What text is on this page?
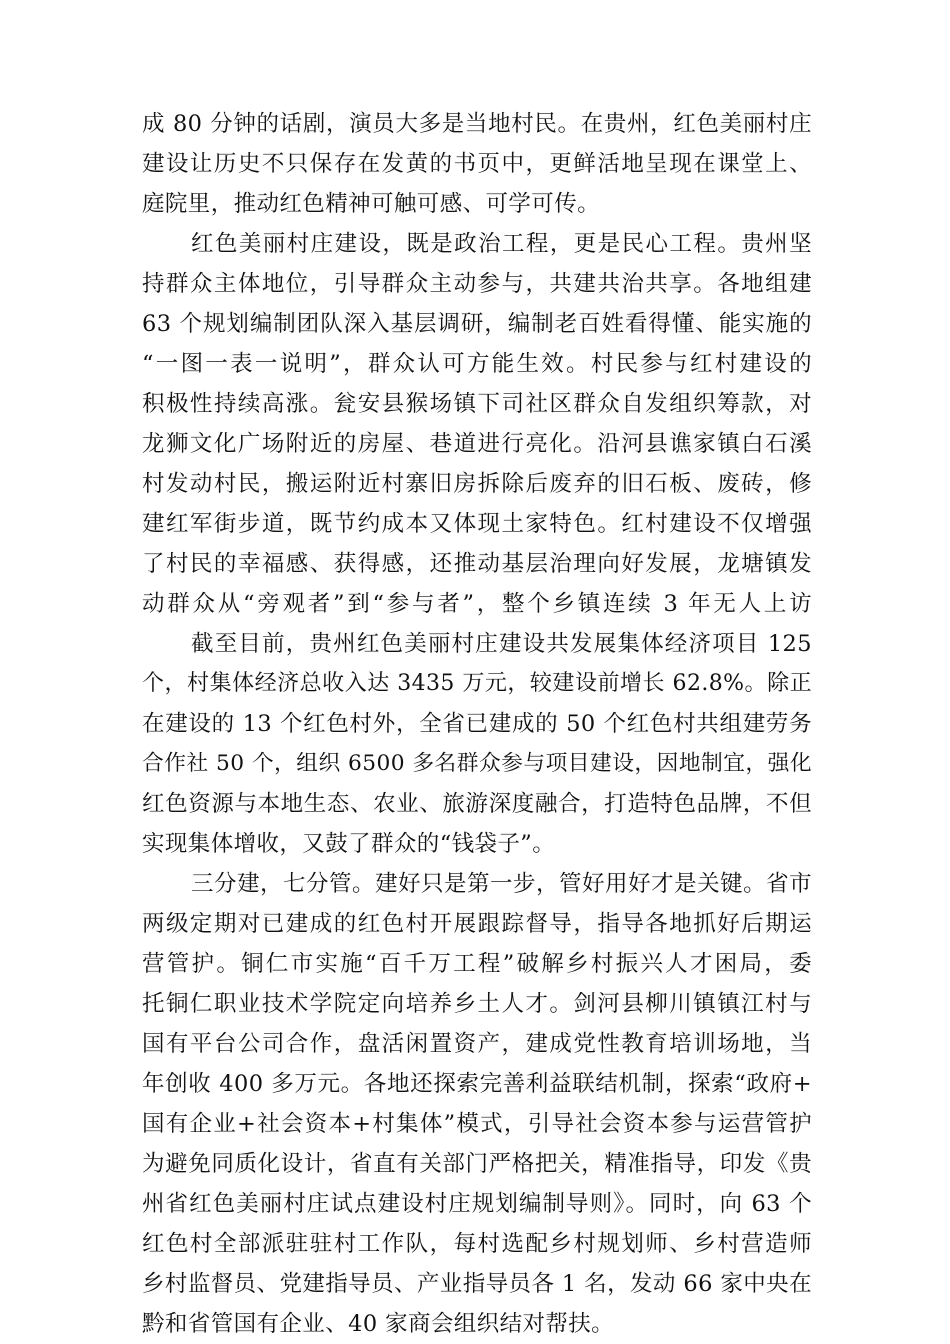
成 80 分钟的话剧，演员大多是当地村民。在贵州，红色美丽村庄
建设让历史不只保存在发黄的书页中，更鲜活地呈现在课堂上、
庭院里，推动红色精神可触可感、可学可传。
红色美丽村庄建设，既是政治工程，更是民心工程。贵州坚
持群众主体地位，引导群众主动参与，共建共治共享。各地组建
63 个规划编制团队深入基层调研，编制老百姓看得懂、能实施的
“一图一表一说明”，群众认可方能生效。村民参与红村建设的
积极性持续高涨。瓮安县猴场镇下司社区群众自发组织筹款，对
龙狮文化广场附近的房屋、巷道进行亮化。沿河县谯家镇白石溪
村发动村民，搬运附近村寨旧房拆除后废弃的旧石板、废砖，修
建红军街步道，既节约成本又体现土家特色。红村建设不仅增强
了村民的幸福感、获得感，还推动基层治理向好发展，龙塘镇发
动群众从“旁观者”到“参与者”，整个乡镇连续 3 年无人上访
截至目前，贵州红色美丽村庄建设共发展集体经济项目 125
个，村集体经济总收入达 3435 万元，较建设前增长 62.8%。除正
在建设的 13 个红色村外，全省已建成的 50 个红色村共组建劳务
合作社 50 个，组织 6500 多名群众参与项目建设，因地制宜，强化
红色资源与本地生态、农业、旅游深度融合，打造特色品牌，不但
实现集体增收，又鼓了群众的“钱袋子”。
三分建，七分管。建好只是第一步，管好用好才是关键。省市
两级定期对已建成的红色村开展跟踪督导，指导各地抓好后期运
营管护。铜仁市实施“百千万工程”破解乡村振兴人才困局，委
托铜仁职业技术学院定向培养乡土人才。剑河县柳川镇镇江村与
国有平台公司合作，盘活闲置资产，建成党性教育培训场地，当
年创收 400 多万元。各地还探索完善利益联结机制，探索“政府+
国有企业+社会资本+村集体”模式，引导社会资本参与运营管护
为避免同质化设计，省直有关部门严格把关，精准指导，印发《贵
州省红色美丽村庄试点建设村庄规划编制导则》。同时，向 63 个
红色村全部派驻驻村工作队，每村选配乡村规划师、乡村营造师
乡村监督员、党建指导员、产业指导员各 1 名，发动 66 家中央在
黔和省管国有企业、40 家商会组织结对帮扶。
